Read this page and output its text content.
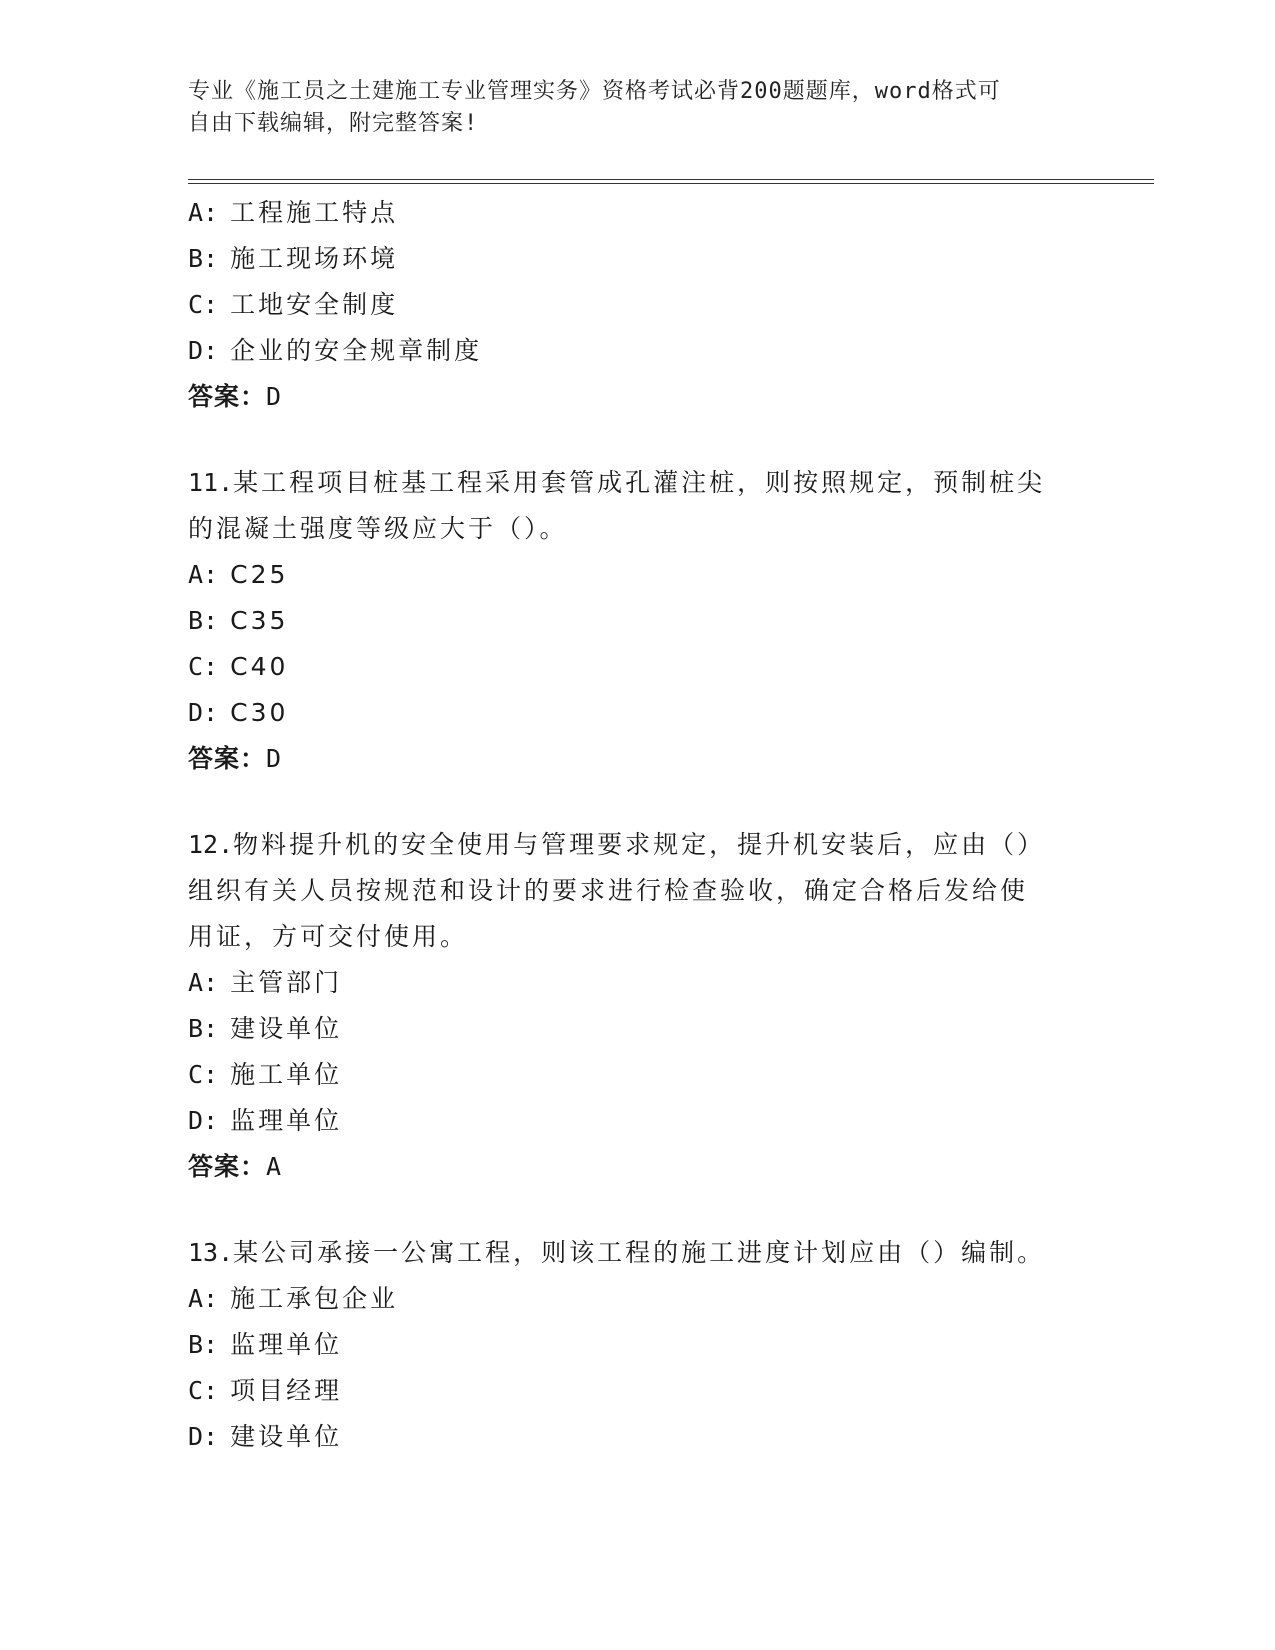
专业《施工员之土建施工专业管理实务》资格考试必背200题题库，word格式可
自由下载编辑，附完整答案!
A: 工程施工特点
B: 施工现场环境
C: 工地安全制度
D: 企业的安全规章制度
答案：D
11.某工程项目桩基工程采用套管成孔灌注桩，则按照规定，预制桩尖
的混凝土强度等级应大于（）。
A: C25
B: C35
C: C40
D: C30
答案：D
12.物料提升机的安全使用与管理要求规定，提升机安装后，应由（）
组织有关人员按规范和设计的要求进行检查验收，确定合格后发给使
用证，方可交付使用。
A: 主管部门
B: 建设单位
C: 施工单位
D: 监理单位
答案：A
13.某公司承接一公寓工程，则该工程的施工进度计划应由（）编制。
A: 施工承包企业
B: 监理单位
C: 项目经理
D: 建设单位
